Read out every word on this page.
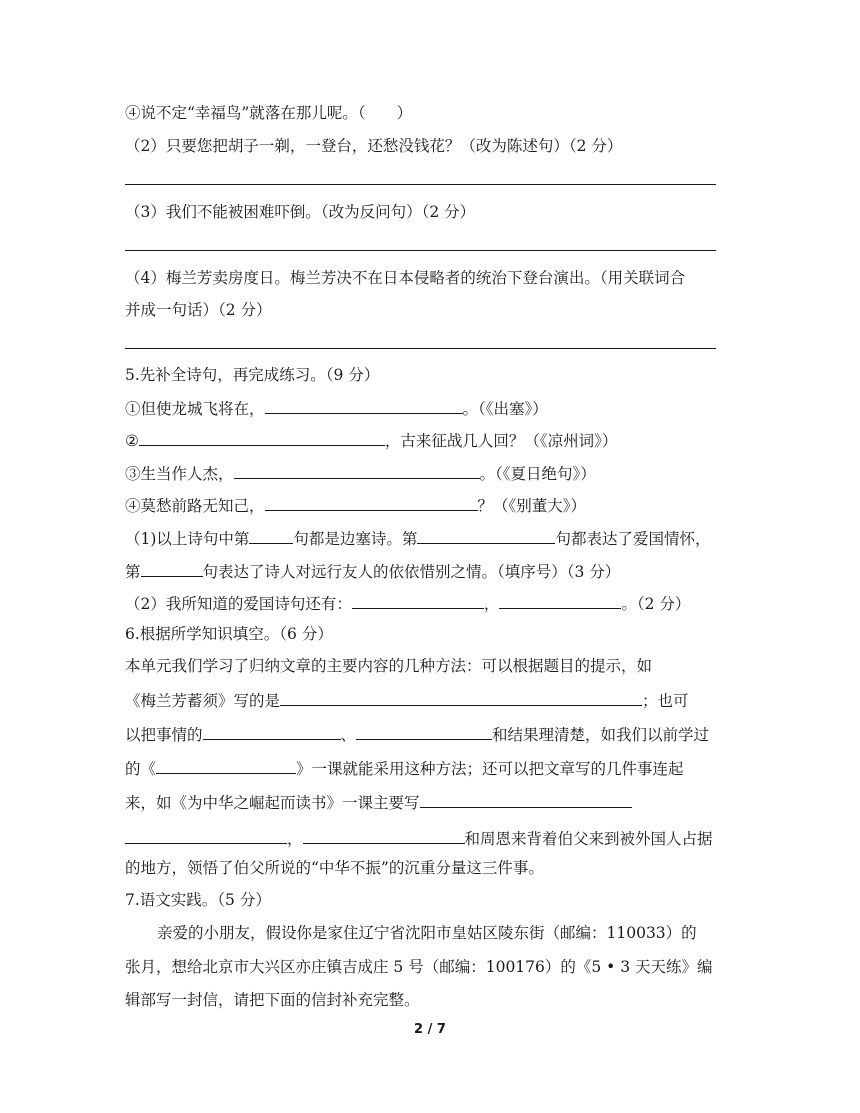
④说不定“幸福鸟”就落在那儿呢。（　　）
（2）只要您把胡子一剃，一登台，还愁没钱花？（改为陈述句）（2 分）
（3）我们不能被困难吓倒。（改为反问句）（2 分）
（4）梅兰芳卖房度日。梅兰芳决不在日本侵略者的统治下登台演出。（用关联词合
并成一句话）（2 分）
5.先补全诗句，再完成练习。（9 分）
①但使龙城飞将在，	。（《出塞》）
②	，古来征战几人回？（《凉州词》）
③生当作人杰，	。（《夏日绝句》）
④莫愁前路无知己，	？（《别董大》）
（1)以上诗句中第	句都是边塞诗。第	句都表达了爱国情怀，
第	句表达了诗人对远行友人的依依惜别之情。（填序号）（3 分）
（2）我所知道的爱国诗句还有：	，	。（2 分）
6.根据所学知识填空。（6 分）
本单元我们学习了归纳文章的主要内容的几种方法：可以根据题目的提示，如
《梅兰芳蓄须》写的是	；也可
以把事情的	、	和结果理清楚，如我们以前学过
的《	》一课就能采用这种方法；还可以把文章写的几件事连起
来，如《为中华之崛起而读书》一课主要写
，	和周恩来背着伯父来到被外国人占据
的地方，领悟了伯父所说的“中华不振”的沉重分量这三件事。
7.语文实践。（5 分）
亲爱的小朋友，假设你是家住辽宁省沈阳市皇姑区陵东街（邮编：110033）的
张月，想给北京市大兴区亦庄镇吉成庄 5 号（邮编：100176）的《5 • 3 天天练》编
辑部写一封信，请把下面的信封补充完整。
2 / 7
